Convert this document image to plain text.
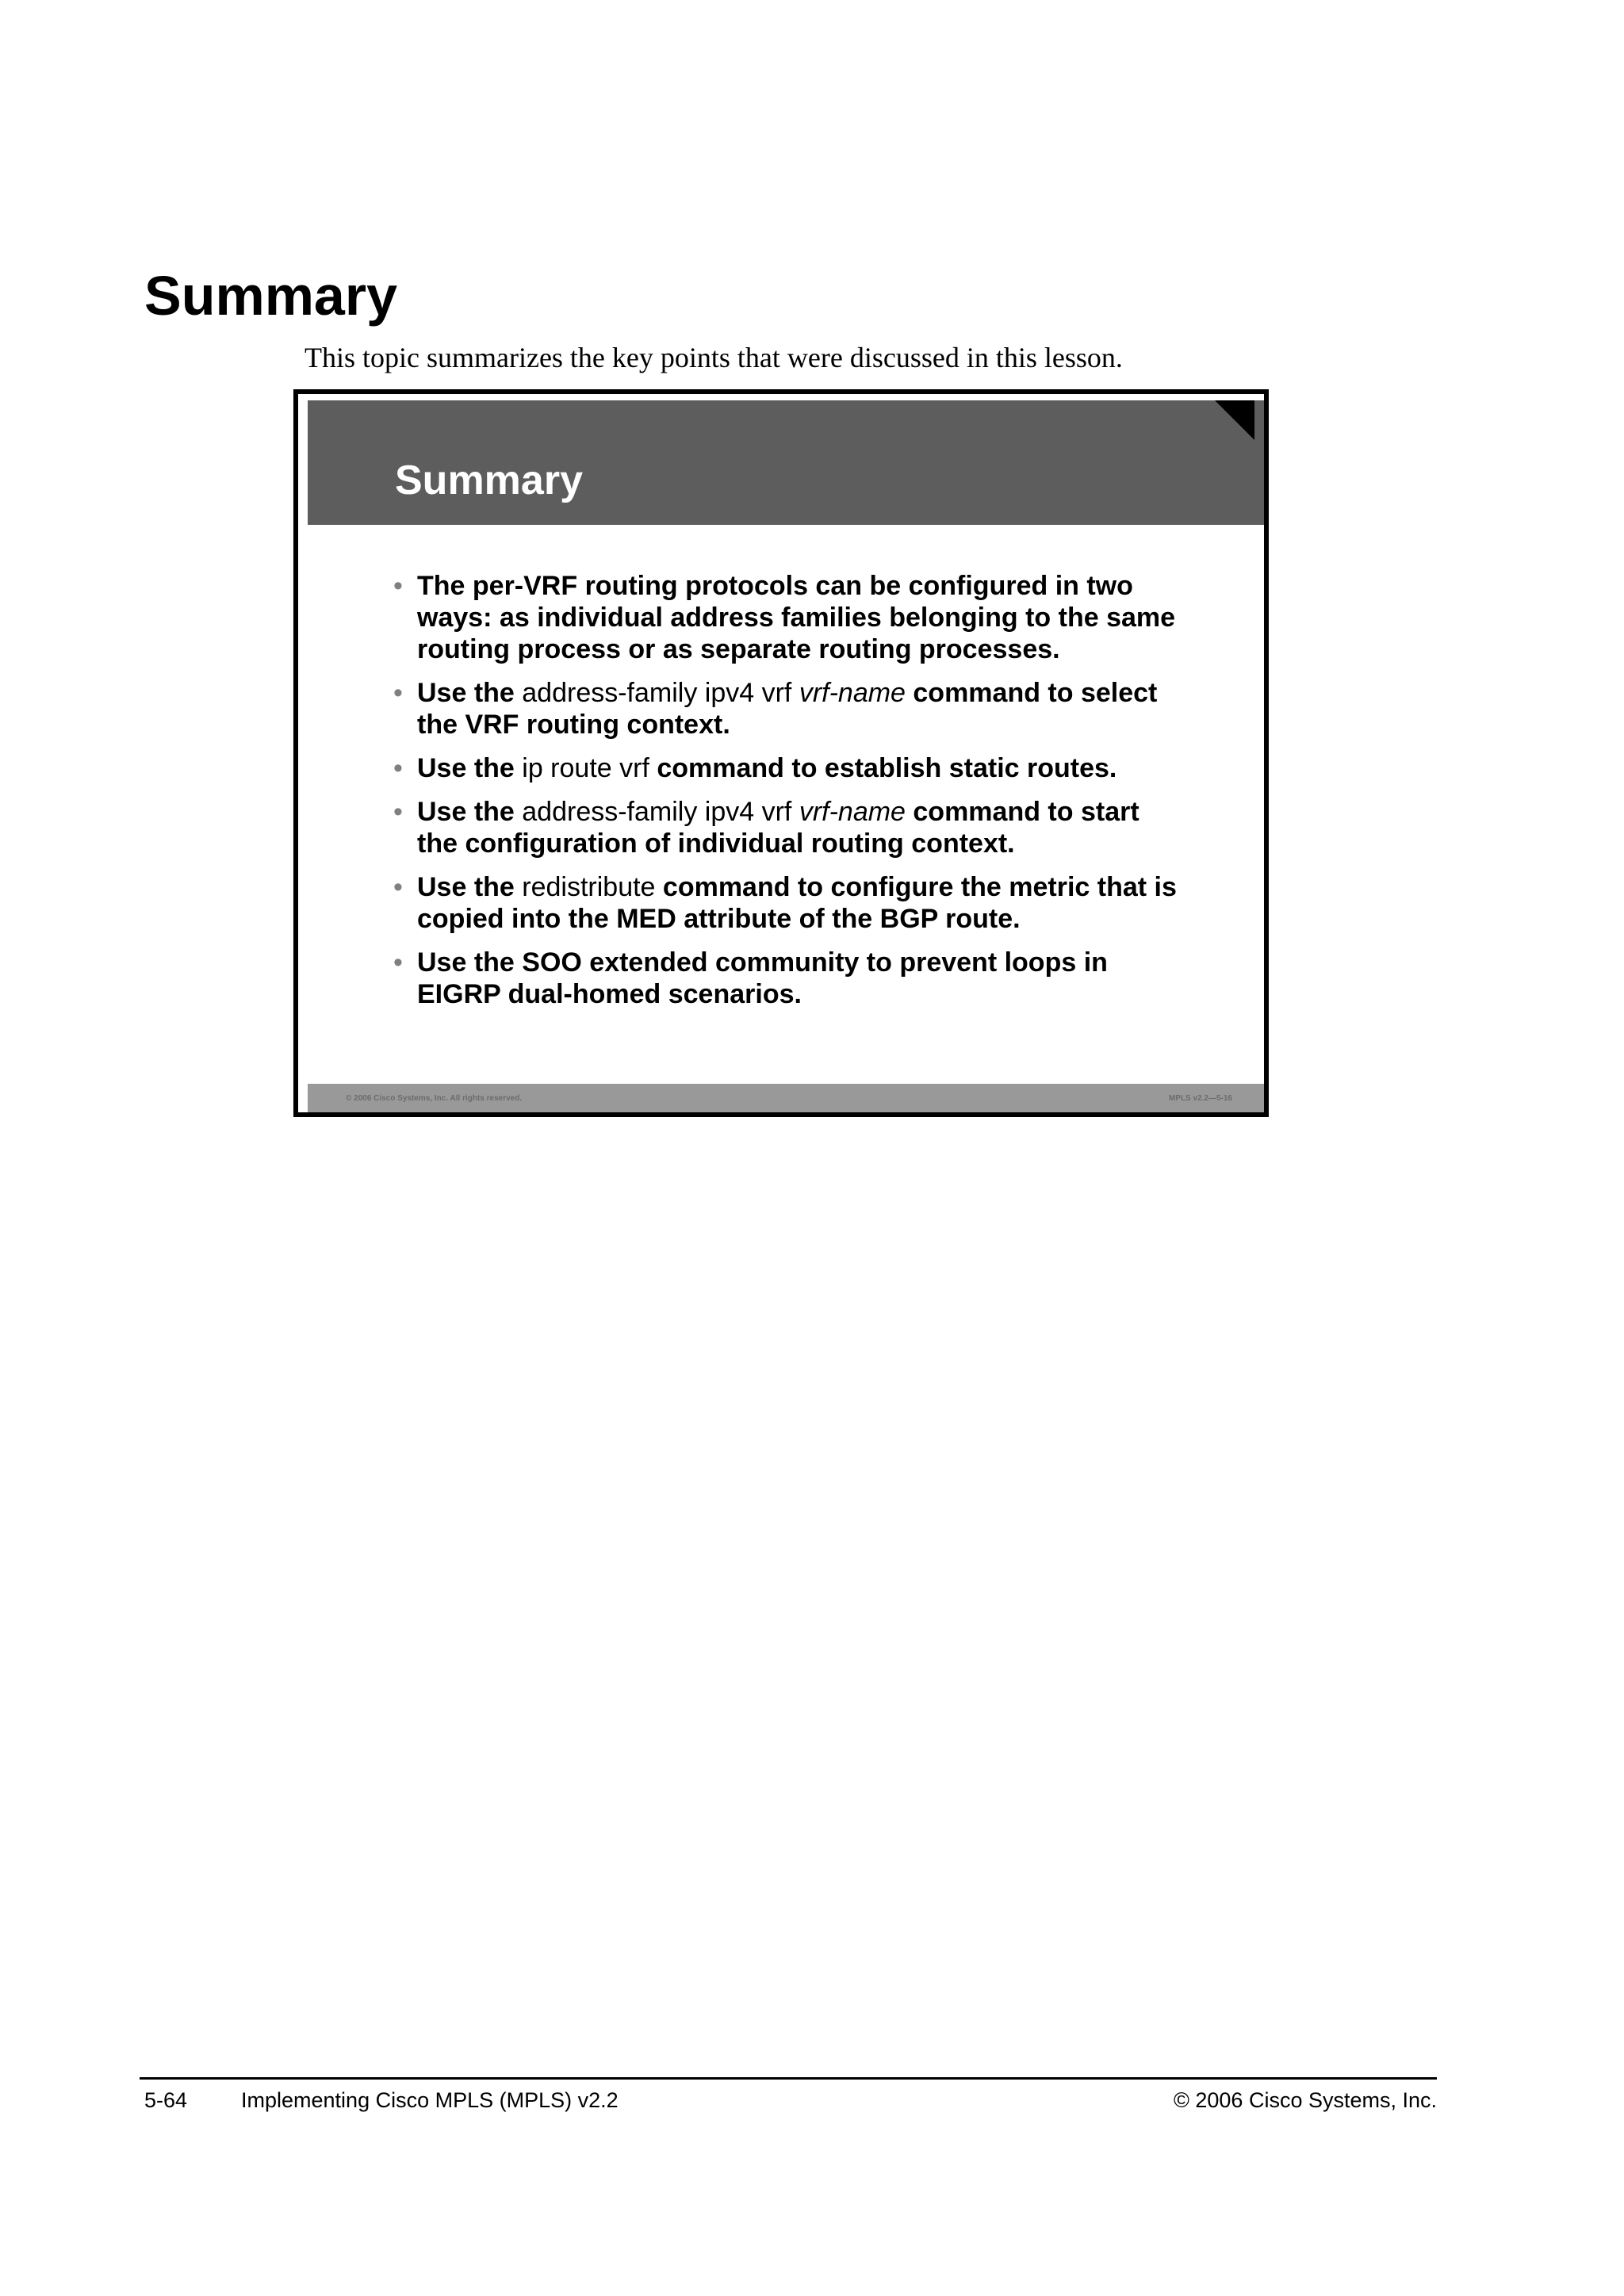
Summary

This topic summarizes the key points that were discussed in this lesson.

Summary
• The per-VRF routing protocols can be configured in two ways: as individual address families belonging to the same routing process or as separate routing processes.
• Use the address-family ipv4 vrf vrf-name command to select the VRF routing context.
• Use the ip route vrf command to establish static routes.
• Use the address-family ipv4 vrf vrf-name command to start the configuration of individual routing context.
• Use the redistribute command to configure the metric that is copied into the MED attribute of the BGP route.
• Use the SOO extended community to prevent loops in EIGRP dual-homed scenarios.
© 2006 Cisco Systems, Inc. All rights reserved.	MPLS v2.2—5-16
5-64	Implementing Cisco MPLS (MPLS) v2.2	© 2006 Cisco Systems, Inc.
